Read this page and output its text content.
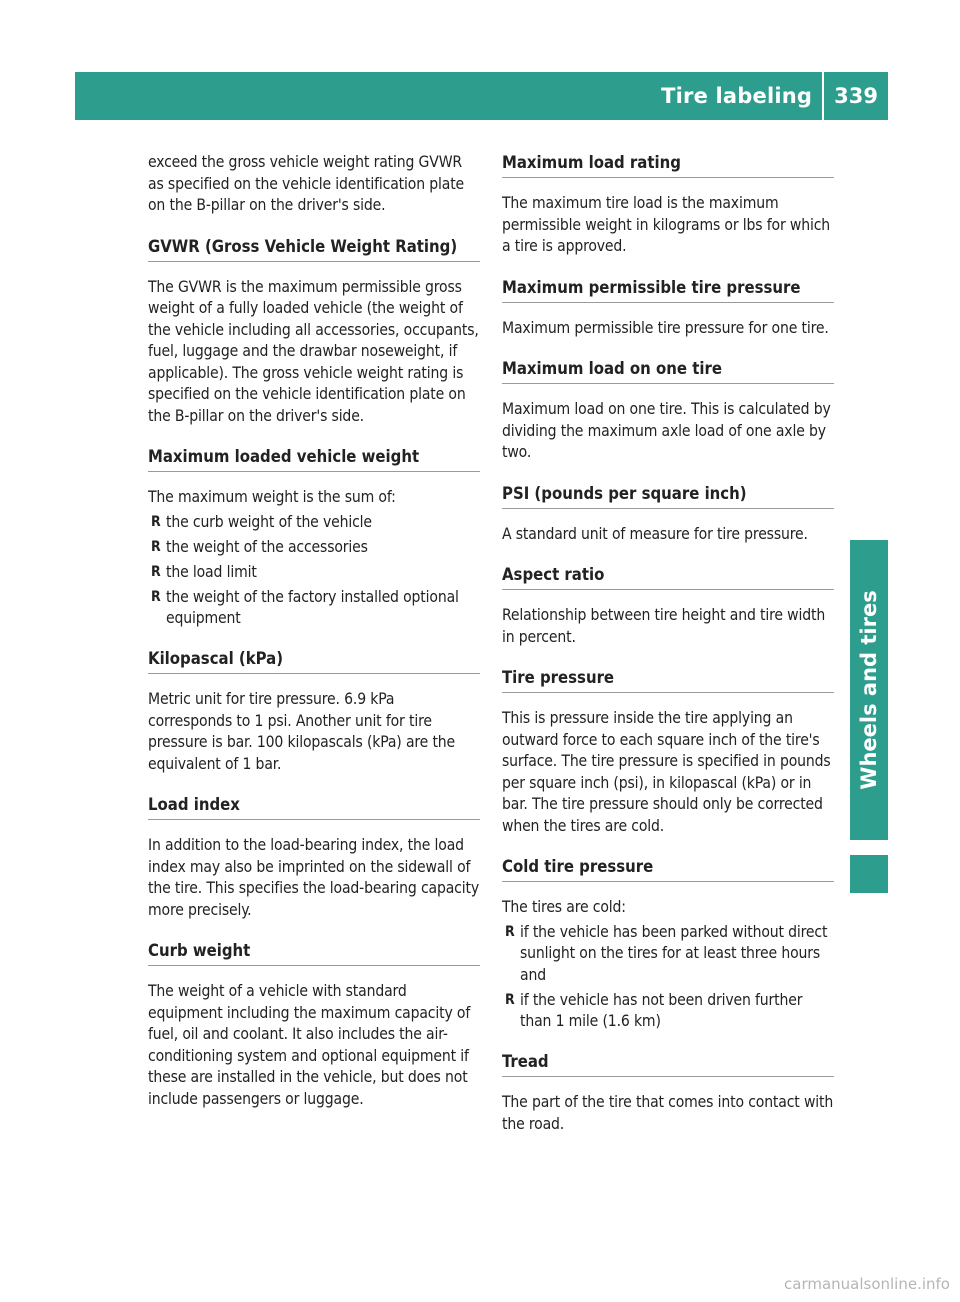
Tire labeling	339
Wheels and tires

exceed the gross vehicle weight rating GVWR as specified on the vehicle identification plate on the B-pillar on the driver's side.

GVWR (Gross Vehicle Weight Rating)

The GVWR is the maximum permissible gross weight of a fully loaded vehicle (the weight of the vehicle including all accessories, occupants, fuel, luggage and the drawbar noseweight, if applicable). The gross vehicle weight rating is specified on the vehicle identification plate on the B-pillar on the driver's side.

Maximum loaded vehicle weight

The maximum weight is the sum of:

R the curb weight of the vehicle
R the weight of the accessories
R the load limit
R the weight of the factory installed optional equipment
Kilopascal (kPa)

Metric unit for tire pressure. 6.9 kPa corresponds to 1 psi. Another unit for tire pressure is bar. 100 kilopascals (kPa) are the equivalent of 1 bar.

Load index

In addition to the load-bearing index, the load index may also be imprinted on the sidewall of the tire. This specifies the load-bearing capacity more precisely.

Curb weight

The weight of a vehicle with standard equipment including the maximum capacity of fuel, oil and coolant. It also includes the air-conditioning system and optional equipment if these are installed in the vehicle, but does not include passengers or luggage.

Maximum load rating

The maximum tire load is the maximum permissible weight in kilograms or lbs for which a tire is approved.

Maximum permissible tire pressure

Maximum permissible tire pressure for one tire.

Maximum load on one tire

Maximum load on one tire. This is calculated by dividing the maximum axle load of one axle by two.

PSI (pounds per square inch)

A standard unit of measure for tire pressure.

Aspect ratio

Relationship between tire height and tire width in percent.

Tire pressure

This is pressure inside the tire applying an outward force to each square inch of the tire's surface. The tire pressure is specified in pounds per square inch (psi), in kilopascal (kPa) or in bar. The tire pressure should only be corrected when the tires are cold.

Cold tire pressure

The tires are cold:

R if the vehicle has been parked without direct sunlight on the tires for at least three hours and
R if the vehicle has not been driven further than 1 mile (1.6 km)
Tread

The part of the tire that comes into contact with the road.

carmanualsonline.info
